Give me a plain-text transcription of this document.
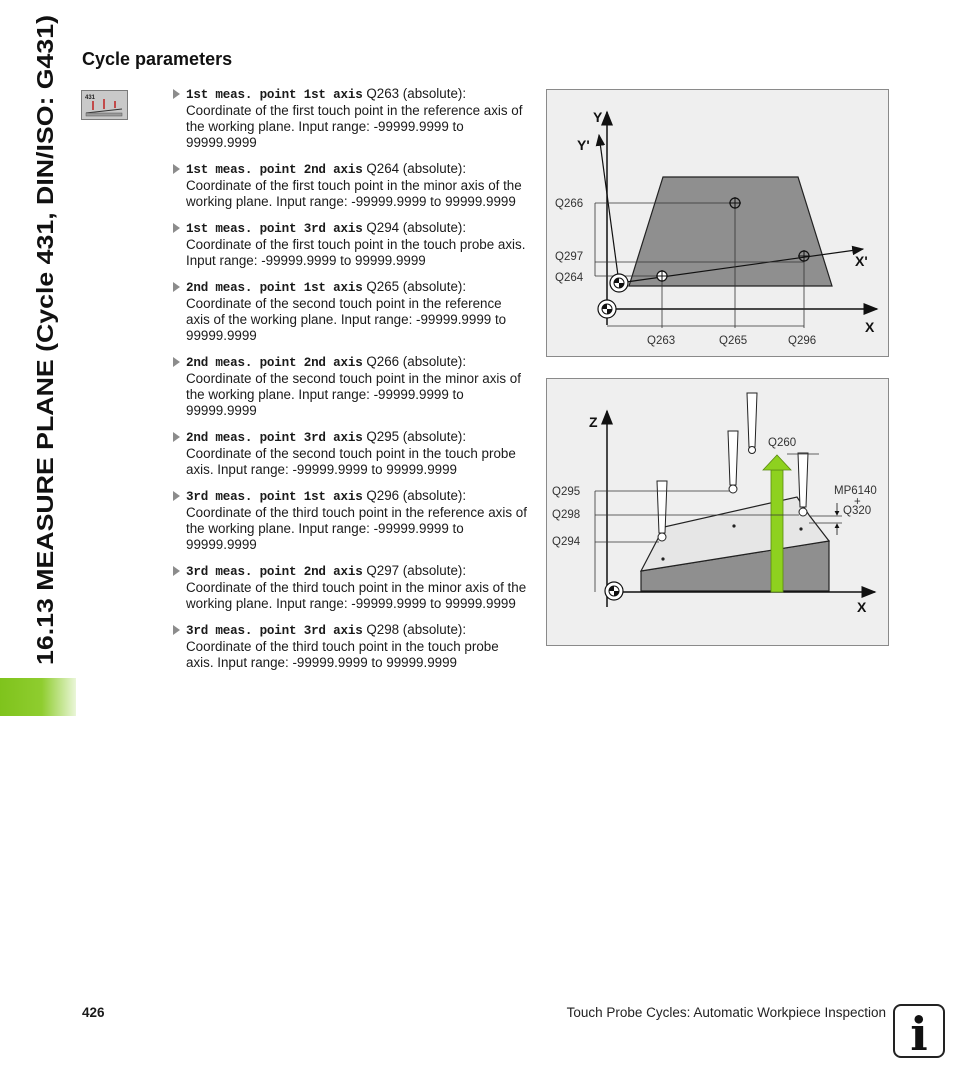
16.13 MEASURE PLANE (Cycle 431, DIN/ISO: G431)
Cycle parameters
431	1st meas. point 1st axis Q263 (absolute):
Coordinate of the first touch point in the reference axis of the working plane. Input range: -99999.9999 to 99999.9999
1st meas. point 2nd axis Q264 (absolute):
Coordinate of the first touch point in the minor axis of the working plane. Input range: -99999.9999 to 99999.9999
1st meas. point 3rd axis Q294 (absolute):
Coordinate of the first touch point in the touch probe axis. Input range: -99999.9999 to 99999.9999
2nd meas. point 1st axis Q265 (absolute):
Coordinate of the second touch point in the reference axis of the working plane. Input range: -99999.9999 to 99999.9999
2nd meas. point 2nd axis Q266 (absolute):
Coordinate of the second touch point in the minor axis of the working plane. Input range: -99999.9999 to 99999.9999
2nd meas. point 3rd axis Q295 (absolute):
Coordinate of the second touch point in the touch probe axis. Input range: -99999.9999 to 99999.9999
3rd meas. point 1st axis Q296 (absolute):
Coordinate of the third touch point in the reference axis of the working plane. Input range: -99999.9999 to 99999.9999
3rd meas. point 2nd axis Q297 (absolute):
Coordinate of the third touch point in the minor axis of the working plane. Input range: -99999.9999 to 99999.9999
3rd meas. point 3rd axis Q298 (absolute):
Coordinate of the third touch point in the touch probe axis. Input range: -99999.9999 to 99999.9999
Y
Y'
X'
X
Q266
Q297
Q264
Q263	Q265	Q296
Z
X
Q260
Q295
Q298
Q294
MP6140
+
Q320
426	Touch Probe Cycles: Automatic Workpiece Inspection i
